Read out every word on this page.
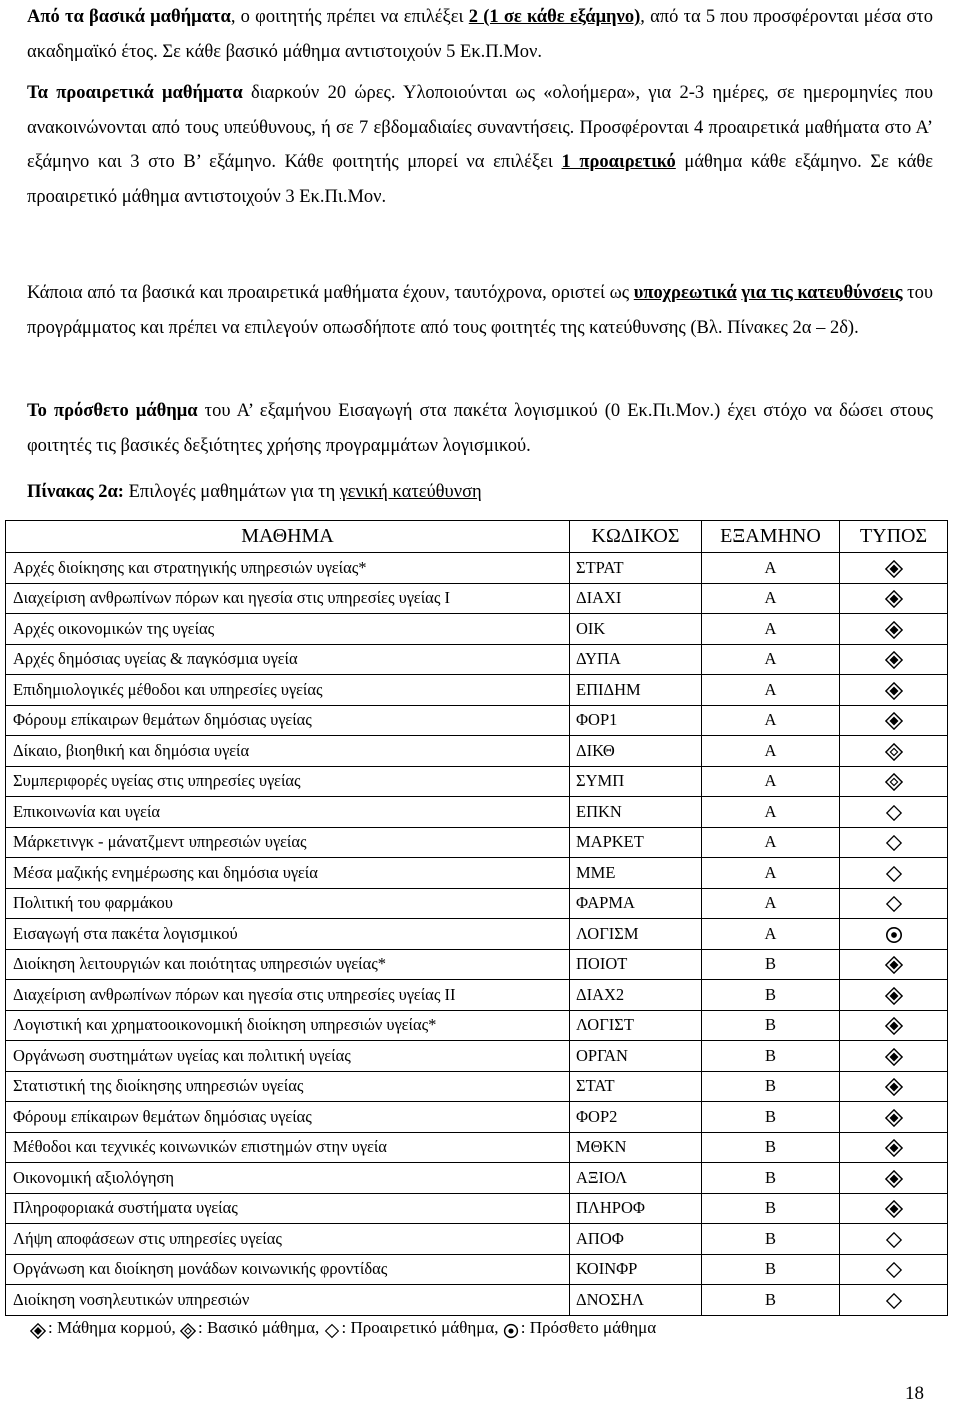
Από τα βασικά μαθήματα, ο φοιτητής πρέπει να επιλέξει 2 (1 σε κάθε εξάμηνο), από τα 5 που προσφέρονται μέσα στο ακαδημαϊκό έτος. Σε κάθε βασικό μάθημα αντιστοιχούν 5 Εκ.Π.Μον.
Τα προαιρετικά μαθήματα διαρκούν 20 ώρες. Υλοποιούνται ως «ολοήμερα», για 2-3 ημέρες, σε ημερομηνίες που ανακοινώνονται από τους υπεύθυνους, ή σε 7 εβδομαδιαίες συναντήσεις. Προσφέρονται 4 προαιρετικά μαθήματα στο Α’ εξάμηνο και 3 στο Β’ εξάμηνο. Κάθε φοιτητής μπορεί να επιλέξει 1 προαιρετικό μάθημα κάθε εξάμηνο. Σε κάθε προαιρετικό μάθημα αντιστοιχούν 3 Εκ.Πι.Μον.
Κάποια από τα βασικά και προαιρετικά μαθήματα έχουν, ταυτόχρονα, οριστεί ως υποχρεωτικά για τις κατευθύνσεις του προγράμματος και πρέπει να επιλεγούν οπωσδήποτε από τους φοιτητές της κατεύθυνσης (Βλ. Πίνακες 2α – 2δ).
Το πρόσθετο μάθημα του Α’ εξαμήνου Εισαγωγή στα πακέτα λογισμικού (0 Εκ.Πι.Μον.) έχει στόχο να δώσει στους φοιτητές τις βασικές δεξιότητες χρήσης προγραμμάτων λογισμικού.
Πίνακας 2α: Επιλογές μαθημάτων για τη γενική κατεύθυνση
ΜΑΘΗΜΑ	ΚΩΔΙΚΟΣ	ΕΞΑΜΗΝΟ	ΤΥΠΟΣ
Αρχές διοίκησης και στρατηγικής υπηρεσιών υγείας*	ΣΤΡΑΤ	Α	
Διαχείριση ανθρωπίνων πόρων και ηγεσία στις υπηρεσίες υγείας Ι	ΔΙΑΧΙ	Α	
Αρχές οικονομικών της υγείας	ΟΙΚ	Α	
Αρχές δημόσιας υγείας & παγκόσμια υγεία	ΔΥΠΑ	Α	
Επιδημιολογικές μέθοδοι και υπηρεσίες υγείας	ΕΠΙΔΗΜ	Α	
Φόρουμ επίκαιρων θεμάτων δημόσιας υγείας	ΦΟΡ1	Α	
Δίκαιο, βιοηθική και δημόσια υγεία	ΔΙΚΘ	Α	
Συμπεριφορές υγείας στις υπηρεσίες υγείας	ΣΥΜΠ	Α	
Επικοινωνία και υγεία	ΕΠΚΝ	Α	
Μάρκετινγκ - μάνατζμεντ υπηρεσιών υγείας	ΜΑΡΚΕΤ	Α	
Μέσα μαζικής ενημέρωσης και δημόσια υγεία	ΜΜΕ	Α	
Πολιτική του φαρμάκου	ΦΑΡΜΑ	Α	
Εισαγωγή στα πακέτα λογισμικού	ΛΟΓΙΣΜ	Α	
Διοίκηση λειτουργιών και ποιότητας υπηρεσιών υγείας*	ΠΟΙΟΤ	Β	
Διαχείριση ανθρωπίνων πόρων και ηγεσία στις υπηρεσίες υγείας ΙΙ	ΔΙΑΧ2	Β	
Λογιστική και χρηματοοικονομική διοίκηση υπηρεσιών υγείας*	ΛΟΓΙΣΤ	Β	
Οργάνωση συστημάτων υγείας και πολιτική υγείας	ΟΡΓΑΝ	Β	
Στατιστική της διοίκησης υπηρεσιών υγείας	ΣΤΑΤ	Β	
Φόρουμ επίκαιρων θεμάτων δημόσιας υγείας	ΦΟΡ2	Β	
Μέθοδοι και τεχνικές κοινωνικών επιστημών στην υγεία	ΜΘΚΝ	Β	
Οικονομική αξιολόγηση	ΑΞΙΟΛ	Β	
Πληροφοριακά συστήματα υγείας	ΠΛΗΡΟΦ	Β	
Λήψη αποφάσεων στις υπηρεσίες υγείας	ΑΠΟΦ	Β	
Οργάνωση και διοίκηση μονάδων κοινωνικής φροντίδας	ΚΟΙΝΦΡ	Β	
Διοίκηση νοσηλευτικών υπηρεσιών	ΔΝΟΣΗΛ	Β	
: Μάθημα κορμού, : Βασικό μάθημα, : Προαιρετικό μάθημα, : Πρόσθετο μάθημα
18
